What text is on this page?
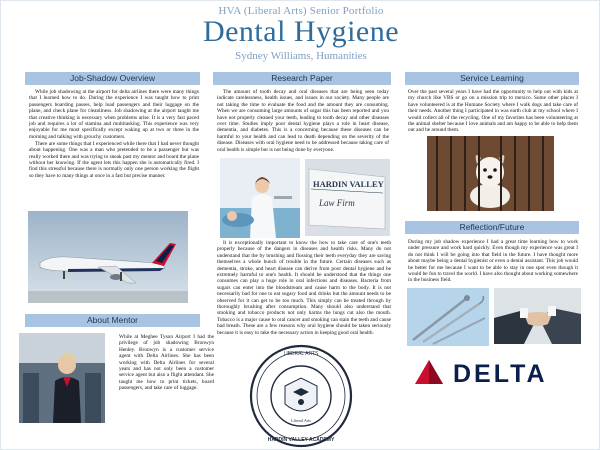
HVA (Liberal Arts) Senior Portfolio
Dental Hygiene
Sydney Williams, Humanities
Job-Shadow Overview

While job shadowing at the airport for delta airlines there were many things that I learned how to do. During the experience I was taught how to print passengers boarding passes, help load passengers and their luggage on the plane, and check plane for cleanliness. Job shadowing at the airport taught me that creative thinking is necessary when problems arise. It is a very fast paced job and requires a lot of stamina and multitasking. This experience was very enjoyable for me most specifically except waking up at two or three in the morning and talking with grouchy customers.

There are some things that I experienced while there that I had never thought about happening. One was a man who pretended to be a passenger but was really worked there and was trying to sneak past my mentor and board the plane without her knowing. If the agent lets this happen she is automatically fired. I find this stressful because there is normally only one person working the flight so they have to many things at once in a fast but precise manner.

About Mentor
While at Meghee Tyson Airport I had the privilege of job shadowing Bronwyn Henley. Bronwyn is a customer service agent with Delta Airlines. She has been working with Delta Airlines for several years and has not only been a customer service agent but also a flight attendant. She taught me how to print tickets, board passengers, and take care of luggage.
Research Paper

The amount of tooth decay and oral diseases that are being seen today indicate carelessness, health issues, and issues in our society. Many people are not taking the time to evaluate the food and the amount they are consuming. When we are consuming large amounts of sugar this has been reported and you have not properly cleaned your teeth, leading to tooth decay and other diseases over time. Studies imply poor dental hygiene plays a role in heart disease, dementia, and diabetes. This is a concerning because these diseases can be harmful to your health and can lead to death depending on the severity of the disease. Diseases with oral hygiene need to be addressed because taking care of oral health is simple but is not being done by everyone.

HARDIN VALLEY
Law Firm

It is exceptionally important to know the how to take care of one's teeth properly because of the dangers in diseases and health risks. Many do not understand that the by brushing and flossing their teeth everyday they are saving themselves a whole bunch of trouble in the future. Certain diseases such as dementia, stroke, and heart disease can derive from poor dental hygiene and be extremely harmful to one's health. It should be understood that the things one consumes can play a huge role in oral infections and diseases. Bacteria from sugars can enter into the bloodstream and cause harm to the body. It is not necessarily bad for one to eat sugary food and drinks but the amount needs to be observed for it can get to be too much. This simply can be treated through by thoroughly brushing after consumption. Many should also understand that smoking and tobacco products not only harms the lungs cut also the mouth. Tobacco is a major cause to oral cancer and smoking can stain the teeth and cause bad breath. These are a few reasons why oral hygiene should be taken seriously because it is easy to take the necessary action in keeping good oral health.

LIBERAL ARTS
HARDIN VALLEY ACADEMY
Liberal Arts
Service Learning
Over the past several years I have had the opportunity to help out with kids at my church like VBS or go on a mission trip to mexico. Some other places I have volunteered is at the Humane Society where I walk dogs and take care of their needs. Another thing I participated in was earth club at my school where I would collect all of the recycling. One of my favorites has been volunteering at the animal shelter because I love animals and am happy to be able to help them out and be around them.
Reflection/Future
During my job shadow experience I had a great time learning how to work under pressure and work hard quickly. Even though my experience was great I do not think I will be going into that field in the future. I have thought more about maybe being a dental hygienist or even a dental assistant. This job would be better for me because I want to be able to stay in one spot even though it would be fun to travel the world. I have also thought about working somewhere in the business field.
DELTA
